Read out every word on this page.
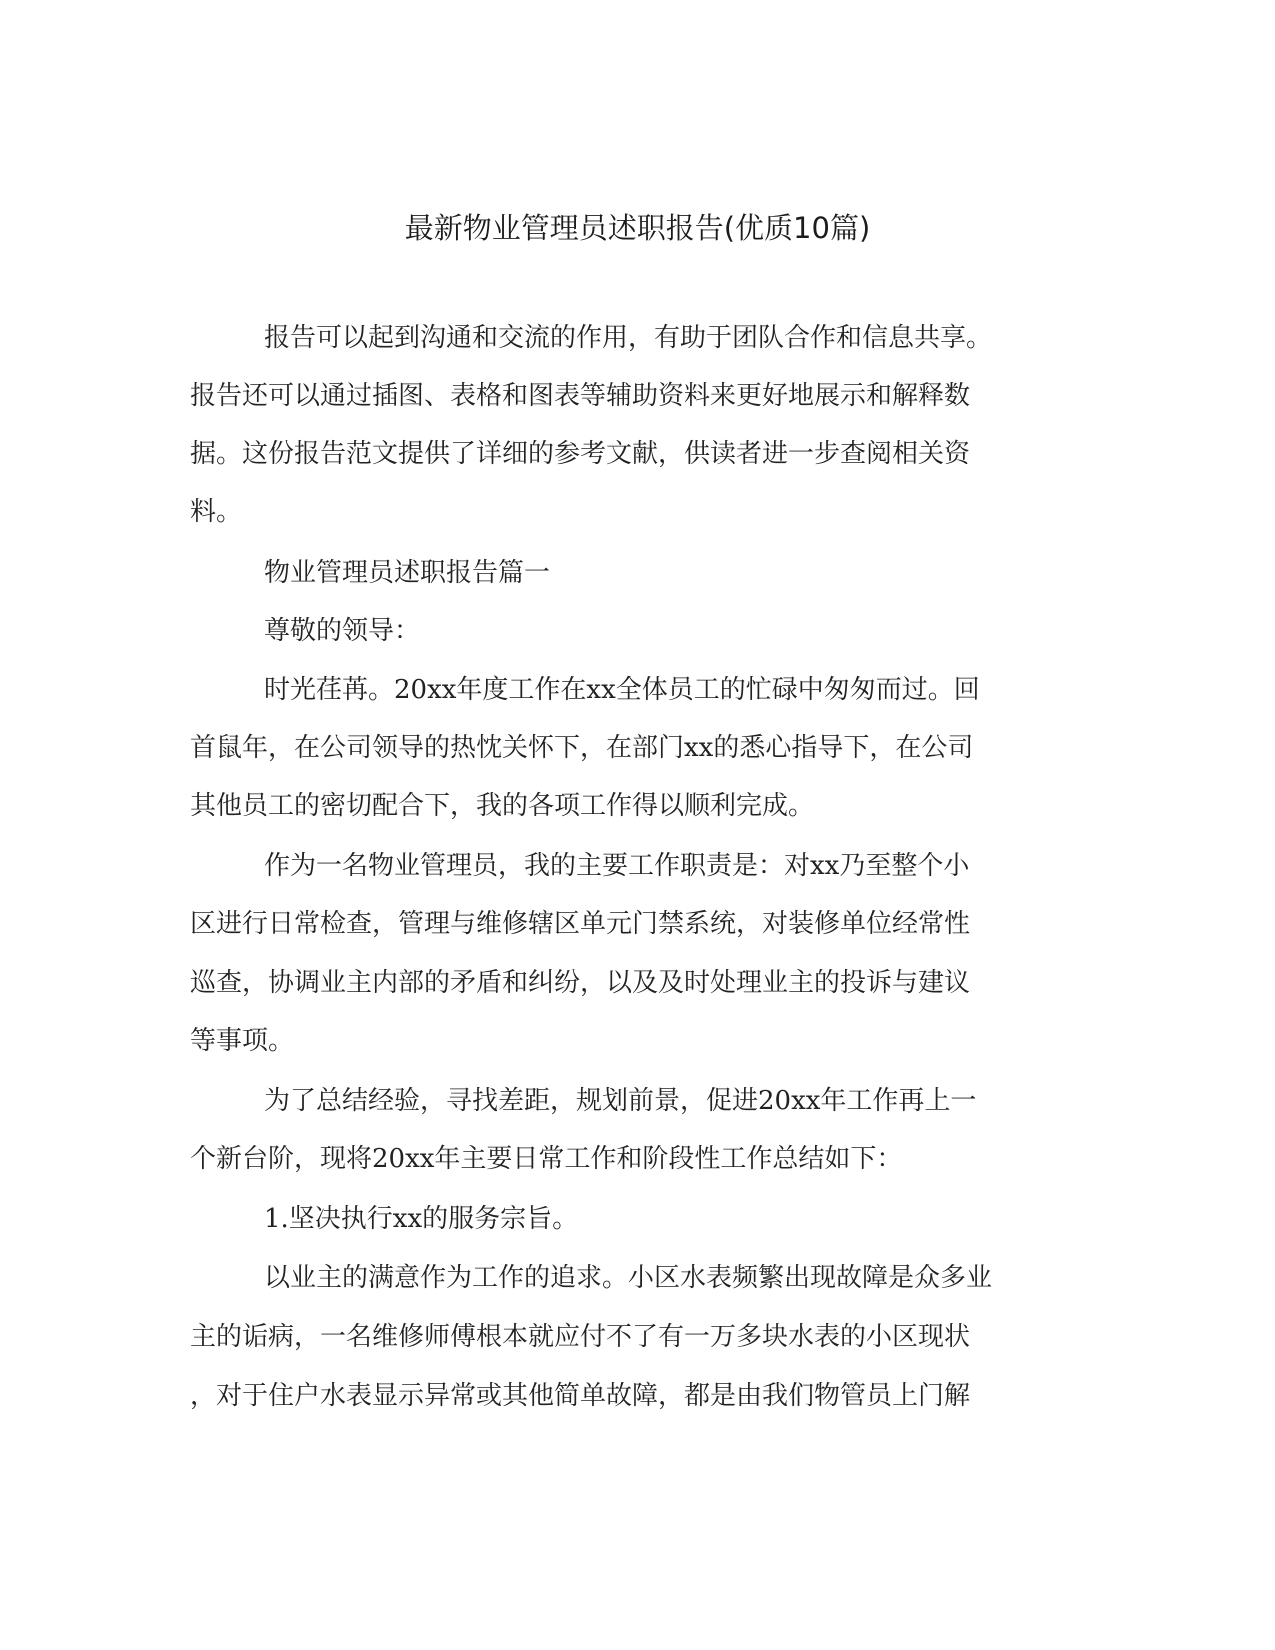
最新物业管理员述职报告(优质10篇)
报告可以起到沟通和交流的作用，有助于团队合作和信息共享。
报告还可以通过插图、表格和图表等辅助资料来更好地展示和解释数
据。这份报告范文提供了详细的参考文献，供读者进一步查阅相关资
料。
物业管理员述职报告篇一
尊敬的领导：
时光荏苒。20xx年度工作在xx全体员工的忙碌中匆匆而过。回
首鼠年，在公司领导的热忱关怀下，在部门xx的悉心指导下，在公司
其他员工的密切配合下，我的各项工作得以顺利完成。
作为一名物业管理员，我的主要工作职责是：对xx乃至整个小
区进行日常检查，管理与维修辖区单元门禁系统，对装修单位经常性
巡查，协调业主内部的矛盾和纠纷，以及及时处理业主的投诉与建议
等事项。
为了总结经验，寻找差距，规划前景，促进20xx年工作再上一
个新台阶，现将20xx年主要日常工作和阶段性工作总结如下：
1.坚决执行xx的服务宗旨。
以业主的满意作为工作的追求。小区水表频繁出现故障是众多业
主的诟病，一名维修师傅根本就应付不了有一万多块水表的小区现状
，对于住户水表显示异常或其他简单故障，都是由我们物管员上门解
